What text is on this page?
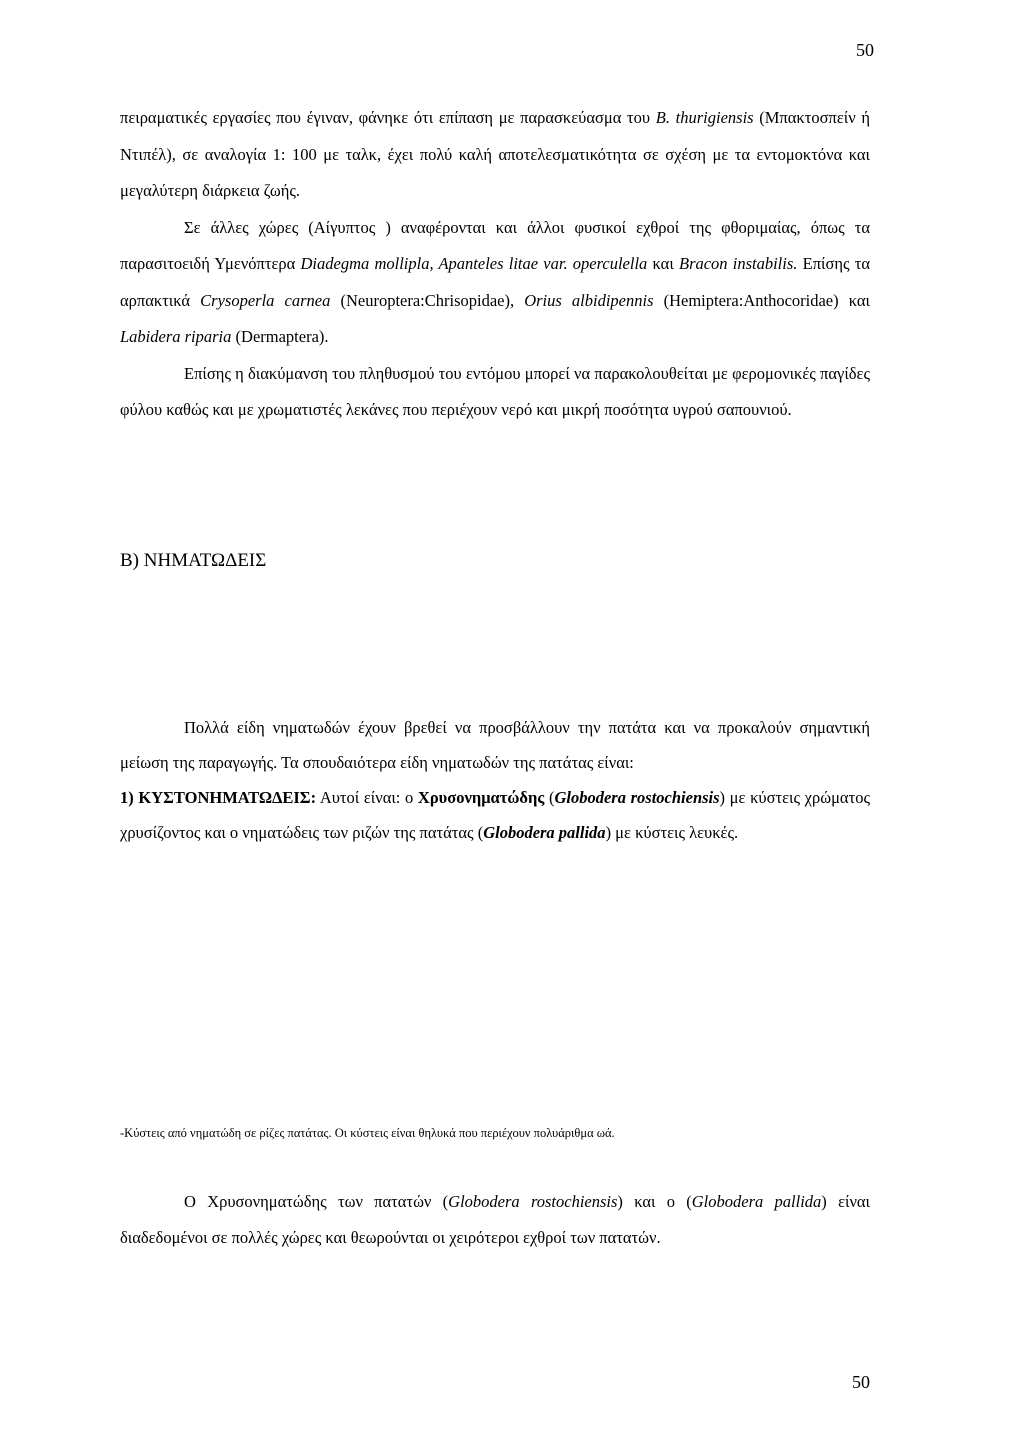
50

πειραματικές εργασίες που έγιναν, φάνηκε ότι επίπαση με παρασκεύασμα του B. thurigiensis (Μπακτοσπείν ή Ντιπέλ), σε αναλογία 1: 100 με ταλκ, έχει πολύ καλή αποτελεσματικότητα σε σχέση με τα εντομοκτόνα και μεγαλύτερη διάρκεια ζωής.

Σε άλλες χώρες (Αίγυπτος ) αναφέρονται και άλλοι φυσικοί εχθροί της φθοριμαίας, όπως τα παρασιτοειδή Υμενόπτερα Diadegma mollipla, Apanteles litae var. operculella και Bracon instabilis. Επίσης τα αρπακτικά Crysoperla carnea (Neuroptera:Chrisopidae), Orius albidipennis (Hemiptera:Anthocoridae) και Labidera riparia (Dermaptera).

Επίσης η διακύμανση του πληθυσμού του εντόμου μπορεί να παρακολουθείται με φερομονικές παγίδες φύλου καθώς και με χρωματιστές λεκάνες που περιέχουν νερό και μικρή ποσότητα υγρού σαπουνιού.

Β) ΝΗΜΑΤΩΔΕΙΣ

Πολλά είδη νηματωδών έχουν βρεθεί να προσβάλλουν την πατάτα και να προκαλούν σημαντική μείωση της παραγωγής. Τα σπουδαιότερα είδη νηματωδών της πατάτας είναι:

1) ΚΥΣΤΟΝΗΜΑΤΩΔΕΙΣ: Αυτοί είναι: ο Χρυσονηματώδης (Globodera rostochiensis) με κύστεις χρώματος χρυσίζοντος και ο νηματώδεις των ριζών της πατάτας (Globodera pallida) με κύστεις λευκές.

-Κύστεις από νηματώδη σε ρίζες πατάτας. Οι κύστεις είναι θηλυκά που περιέχουν πολυάριθμα ωά.

Ο Χρυσονηματώδης των πατατών (Globodera rostochiensis) και ο (Globodera pallida) είναι διαδεδομένοι σε πολλές χώρες και θεωρούνται οι χειρότεροι εχθροί των πατατών.

50
